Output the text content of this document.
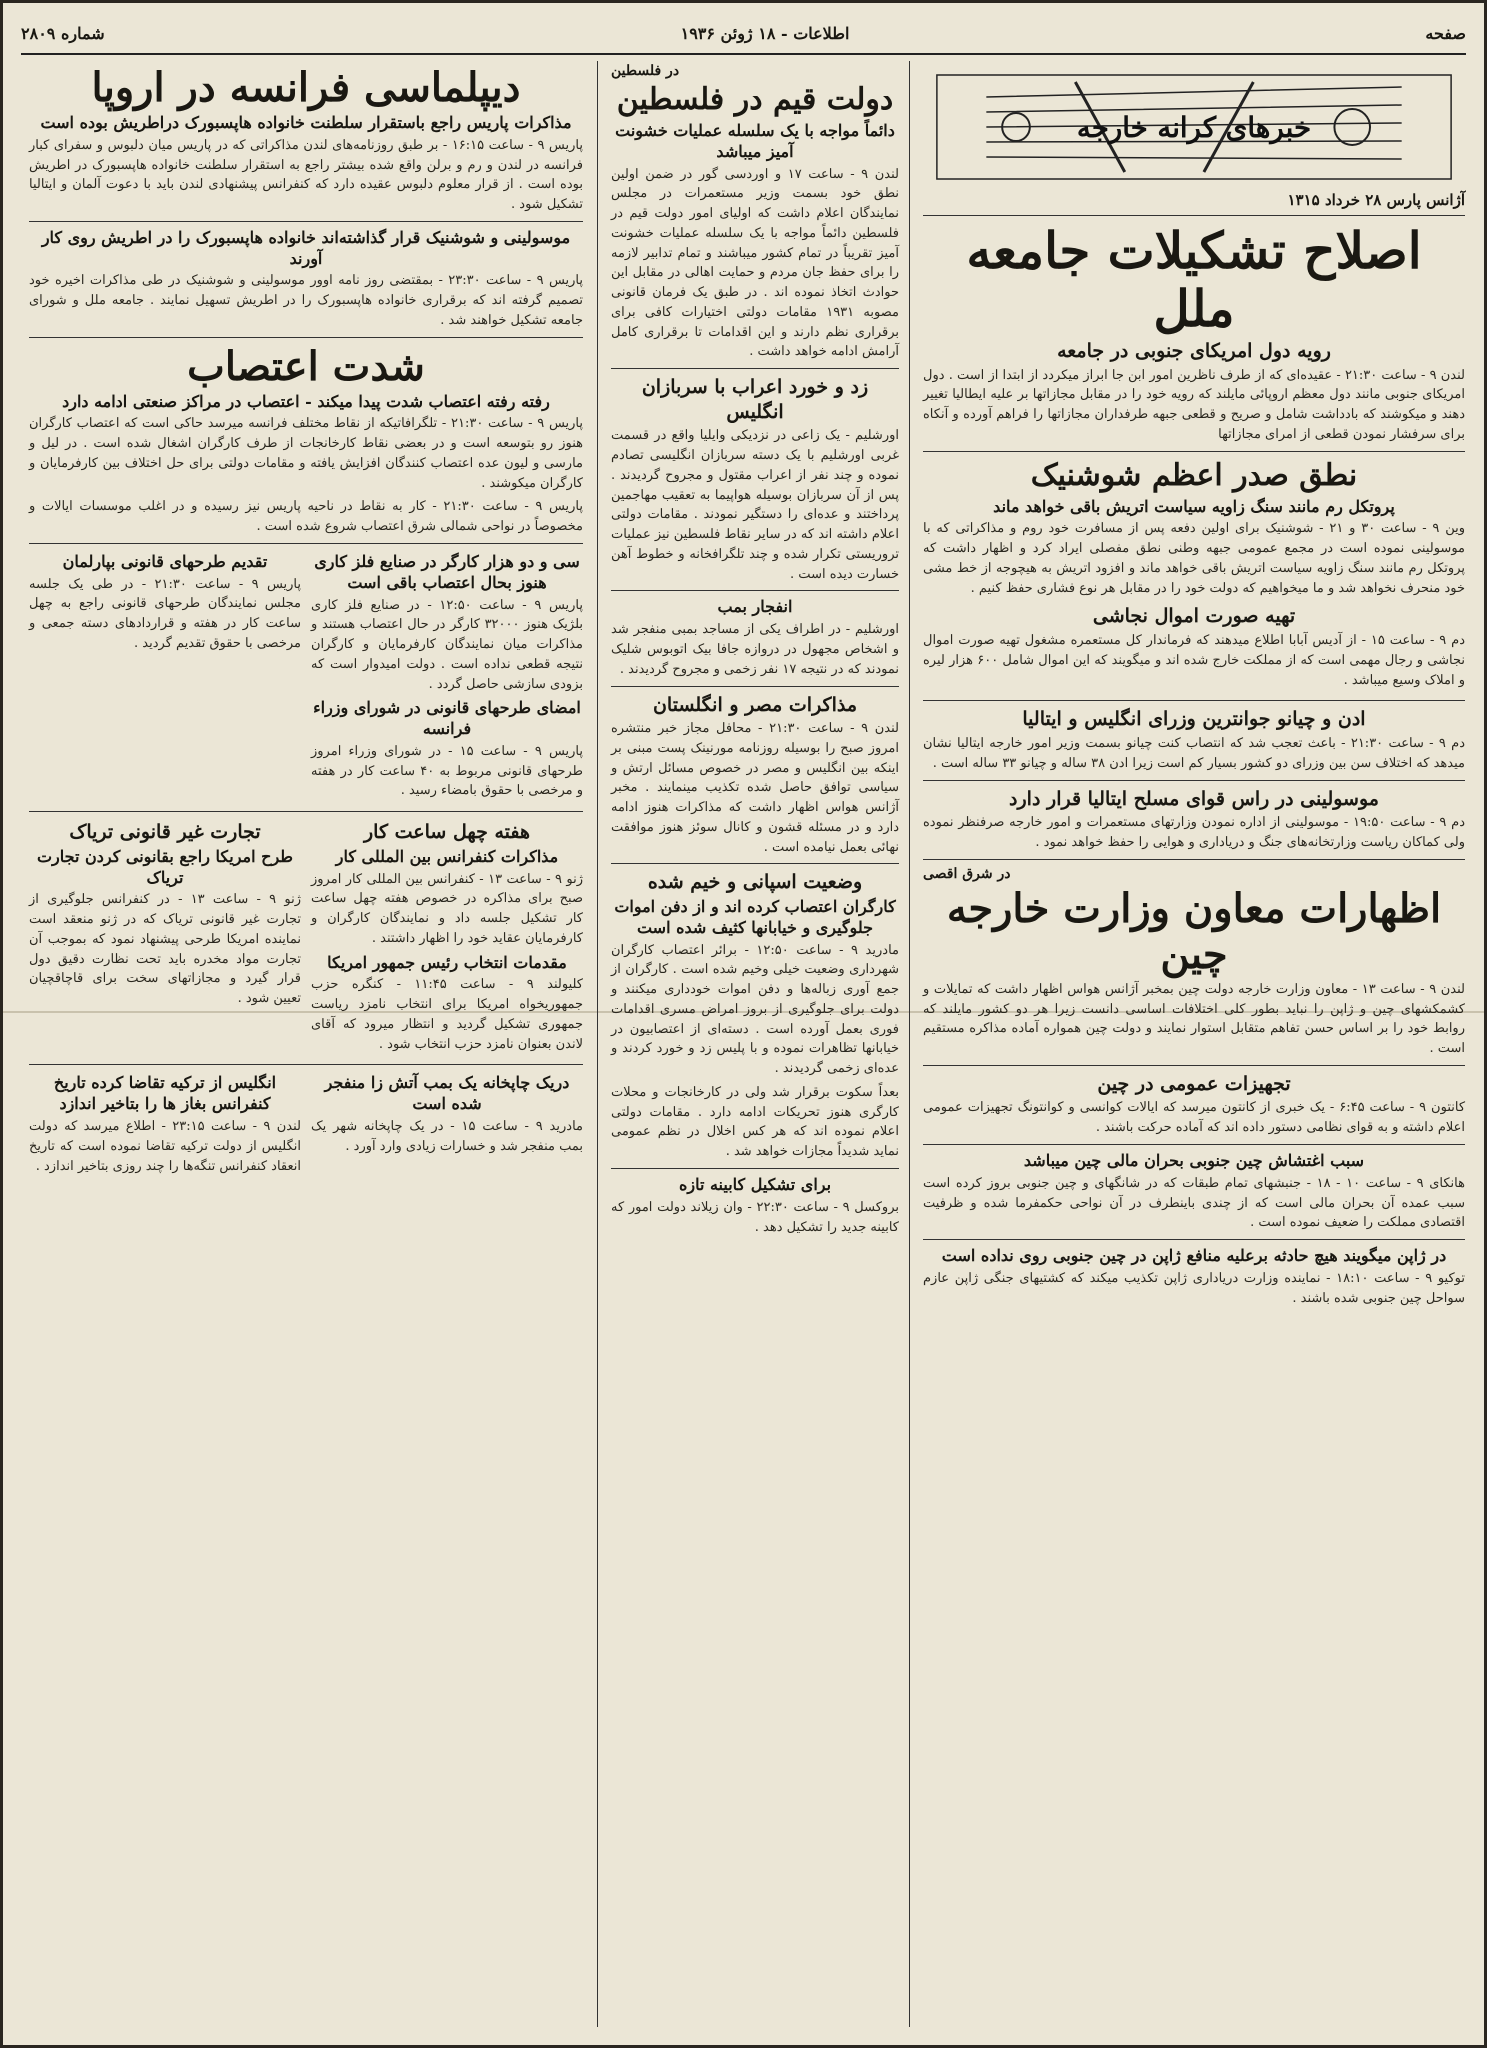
صفحه
اطلاعات - ۱۸ ژوئن ۱۹۳۶
شماره ۲۸۰۹
خبرهای کرانه خارجه
آژانس پارس ۲۸ خرداد ۱۳۱۵
اصلاح تشکیلات جامعه ملل
رویه دول امریکای جنوبی در جامعه

لندن ۹ - ساعت ۲۱:۳۰ - عقیده‌ای که از طرف ناظرین امور ابن جا ابراز میکردد از ابتدا از است . دول امریکای جنوبی مانند دول معظم اروپائی مایلند که رویه خود را در مقابل مجازاتها بر علیه ایطالیا تغییر دهند و میکوشند که بادداشت شامل و صریح و قطعی جبهه طرفداران مجازاتها را فراهم آورده و آنکاه برای سرفشار نمودن قطعی از امرای مجازاتها

نطق صدر اعظم شوشنیک
پروتکل رم مانند سنگ زاویه سیاست اتریش باقی خواهد ماند

وین ۹ - ساعت ۳۰ و ۲۱ - شوشنیک برای اولین دفعه پس از مسافرت خود روم و مذاکراتی که با موسولینی نموده است در مجمع عمومی جبهه وطنی نطق مفصلی ایراد کرد و اظهار داشت که پروتکل رم مانند سنگ زاویه سیاست اتریش باقی خواهد ماند و افزود اتریش به هیچوجه از خط مشی خود منحرف نخواهد شد و ما میخواهیم که دولت خود را در مقابل هر نوع فشاری حفظ کنیم .

تهیه صورت اموال نجاشی

دم ۹ - ساعت ۱۵ - از آدیس آبابا اطلاع میدهند که فرماندار کل مستعمره مشغول تهیه صورت اموال نجاشی و رجال مهمی است که از مملکت خارج شده اند و میگویند که این اموال شامل ۶۰۰ هزار لیره و املاک وسیع میباشد .

ادن و چیانو جوانترین وزرای انگلیس و ایتالیا

دم ۹ - ساعت ۲۱:۳۰ - باعث تعجب شد که انتصاب کنت چیانو بسمت وزیر امور خارجه ایتالیا نشان میدهد که اختلاف سن بین وزرای دو کشور بسیار کم است زیرا ادن ۳۸ ساله و چیانو ۳۳ ساله است .

موسولینی در راس قوای مسلح ایتالیا قرار دارد

دم ۹ - ساعت ۱۹:۵۰ - موسولینی از اداره نمودن وزارتهای مستعمرات و امور خارجه صرفنظر نموده ولی کماکان ریاست وزارتخانه‌های جنگ و دریاداری و هوایی را حفظ خواهد نمود .

در شرق اقصی
اظهارات معاون وزارت خارجه چین

لندن ۹ - ساعت ۱۳ - معاون وزارت خارجه دولت چین بمخبر آژانس هواس اظهار داشت که تمایلات و کشمکشهای چین و ژاپن را نباید بطور کلی اختلافات اساسی دانست زیرا هر دو کشور مایلند که روابط خود را بر اساس حسن تفاهم متقابل استوار نمایند و دولت چین همواره آماده مذاکره مستقیم است .

تجهیزات عمومی در چین

کانتون ۹ - ساعت ۶:۴۵ - یک خبری از کانتون میرسد که ایالات کوانسی و کوانتونگ تجهیزات عمومی اعلام داشته و به قوای نظامی دستور داده اند که آماده حرکت باشند .

سبب اغتشاش چین جنوبی بحران مالی چین میباشد

هانکای ۹ - ساعت ۱۰ - ۱۸ - جنبشهای تمام طبقات که در شانگهای و چین جنوبی بروز کرده است سبب عمده آن بحران مالی است که از چندی باینطرف در آن نواحی حکمفرما شده و ظرفیت اقتصادی مملکت را ضعیف نموده است .

در ژاپن میگویند هیچ حادثه برعلیه منافع ژاپن در چین جنوبی روی نداده است

توکیو ۹ - ساعت ۱۸:۱۰ - نماینده وزارت دریاداری ژاپن تکذیب میکند که کشتیهای جنگی ژاپن عازم سواحل چین جنوبی شده باشند .

در فلسطین
دولت قیم در فلسطین
دائماً مواجه با یک سلسله عملیات خشونت آمیز میباشد

لندن ۹ - ساعت ۱۷ و اوردسی گور در ضمن اولین نطق خود بسمت وزیر مستعمرات در مجلس نمایندگان اعلام داشت که اولیای امور دولت قیم در فلسطین دائماً مواجه با یک سلسله عملیات خشونت آمیز تقریباً در تمام کشور میباشند و تمام تدابیر لازمه را برای حفظ جان مردم و حمایت اهالی در مقابل این حوادث اتخاذ نموده اند . در طبق یک فرمان قانونی مصوبه ۱۹۳۱ مقامات دولتی اختیارات کافی برای برقراری نظم دارند و این اقدامات تا برقراری کامل آرامش ادامه خواهد داشت .

زد و خورد اعراب با سربازان انگلیس

اورشلیم - یک زاعی در نزدیکی وایلیا واقع در قسمت غربی اورشلیم با یک دسته سربازان انگلیسی تصادم نموده و چند نفر از اعراب مقتول و مجروح گردیدند . پس از آن سربازان بوسیله هواپیما به تعقیب مهاجمین پرداختند و عده‌ای را دستگیر نمودند . مقامات دولتی اعلام داشته اند که در سایر نقاط فلسطین نیز عملیات تروریستی تکرار شده و چند تلگرافخانه و خطوط آهن خسارت دیده است .

انفجار بمب

اورشلیم - در اطراف یکی از مساجد بمبی منفجر شد و اشخاص مجهول در دروازه جافا بیک اتوبوس شلیک نمودند که در نتیجه ۱۷ نفر زخمی و مجروح گردیدند .

مذاکرات مصر و انگلستان

لندن ۹ - ساعت ۲۱:۳۰ - محافل مجاز خبر منتشره امروز صبح را بوسیله روزنامه مورنینک پست مبنی بر اینکه بین انگلیس و مصر در خصوص مسائل ارتش و سیاسی توافق حاصل شده تکذیب مینمایند . مخبر آژانس هواس اظهار داشت که مذاکرات هنوز ادامه دارد و در مسئله قشون و کانال سوئز هنوز موافقت نهائی بعمل نیامده است .

وضعیت اسپانی و خیم شده
کارگران اعتصاب کرده اند و از دفن اموات جلوگیری و خیابانها کثیف شده است

مادرید ۹ - ساعت ۱۲:۵۰ - برائر اعتصاب کارگران شهرداری وضعیت خیلی وخیم شده است . کارگران از جمع آوری زباله‌ها و دفن اموات خودداری میکنند و دولت برای جلوگیری از بروز امراض مسری اقدامات فوری بعمل آورده است . دسته‌ای از اعتصابیون در خیابانها تظاهرات نموده و با پلیس زد و خورد کردند و عده‌ای زخمی گردیدند .

بعداً سکوت برقرار شد ولی در کارخانجات و محلات کارگری هنوز تحریکات ادامه دارد . مقامات دولتی اعلام نموده اند که هر کس اخلال در نظم عمومی نماید شدیداً مجازات خواهد شد .

برای تشکیل کابینه تازه

بروکسل ۹ - ساعت ۲۲:۳۰ - وان زیلاند دولت امور که کابینه جدید را تشکیل دهد .

دیپلماسی فرانسه در اروپا
مذاکرات پاریس راجع باستقرار سلطنت خانواده هاپسبورک دراطریش بوده است

پاریس ۹ - ساعت ۱۶:۱۵ - بر طبق روزنامه‌های لندن مذاکراتی که در پاریس میان دلبوس و سفرای کبار فرانسه در لندن و رم و برلن واقع شده بیشتر راجع به استقرار سلطنت خانواده هاپسبورک در اطریش بوده است . از قرار معلوم دلبوس عقیده دارد که کنفرانس پیشنهادی لندن باید با دعوت آلمان و ایتالیا تشکیل شود .

موسولینی و شوشنیک قرار گذاشته‌اند خانواده هاپسبورک را در اطریش روی کار آورند

پاریس ۹ - ساعت ۲۳:۳۰ - بمقتضی روز نامه اوور موسولینی و شوشنیک در طی مذاکرات اخیره خود تصمیم گرفته اند که برقراری خانواده هاپسبورک را در اطریش تسهیل نمایند . جامعه ملل و شورای جامعه تشکیل خواهند شد .

شدت اعتصاب
رفته رفته اعتصاب شدت پیدا میکند - اعتصاب در مراکز صنعتی ادامه دارد

پاریس ۹ - ساعت ۲۱:۳۰ - تلگرافاتیکه از نقاط مختلف فرانسه میرسد حاکی است که اعتصاب کارگران هنوز رو بتوسعه است و در بعضی نقاط کارخانجات از طرف کارگران اشغال شده است . در لیل و مارسی و لیون عده اعتصاب کنندگان افزایش یافته و مقامات دولتی برای حل اختلاف بین کارفرمایان و کارگران میکوشند .

پاریس ۹ - ساعت ۲۱:۳۰ - کار به نقاط در ناحیه پاریس نیز رسیده و در اغلب موسسات ایالات و مخصوصاً در نواحی شمالی شرق اعتصاب شروع شده است .

سی و دو هزار کارگر در صنایع فلز کاری هنوز بحال اعتصاب باقی است

پاریس ۹ - ساعت ۱۲:۵۰ - در صنایع فلز کاری بلژیک هنوز ۳۲۰۰۰ کارگر در حال اعتصاب هستند و مذاکرات میان نمایندگان کارفرمایان و کارگران نتیجه قطعی نداده است . دولت امیدوار است که بزودی سازشی حاصل گردد .

امضای طرحهای قانونی در شورای وزراء فرانسه

پاریس ۹ - ساعت ۱۵ - در شورای وزراء امروز طرحهای قانونی مربوط به ۴۰ ساعت کار در هفته و مرخصی با حقوق بامضاء رسید .

تقدیم طرحهای قانونی بپارلمان

پاریس ۹ - ساعت ۲۱:۳۰ - در طی یک جلسه مجلس نمایندگان طرحهای قانونی راجع به چهل ساعت کار در هفته و قراردادهای دسته جمعی و مرخصی با حقوق تقدیم گردید .

هفته چهل ساعت کار
مذاکرات کنفرانس بین المللی کار

ژنو ۹ - ساعت ۱۳ - کنفرانس بین المللی کار امروز صبح برای مذاکره در خصوص هفته چهل ساعت کار تشکیل جلسه داد و نمایندگان کارگران و کارفرمایان عقاید خود را اظهار داشتند .

مقدمات انتخاب رئیس جمهور امریکا

کلیولند ۹ - ساعت ۱۱:۴۵ - کنگره حزب جمهوریخواه امریکا برای انتخاب نامزد ریاست جمهوری تشکیل گردید و انتظار میرود که آقای لاندن بعنوان نامزد حزب انتخاب شود .

تجارت غیر قانونی تریاک
طرح امریکا راجع بقانونی کردن تجارت تریاک

ژنو ۹ - ساعت ۱۳ - در کنفرانس جلوگیری از تجارت غیر قانونی تریاک که در ژنو منعقد است نماینده امریکا طرحی پیشنهاد نمود که بموجب آن تجارت مواد مخدره باید تحت نظارت دقیق دول قرار گیرد و مجازاتهای سخت برای قاچاقچیان تعیین شود .

دریک چاپخانه یک بمب آتش زا منفجر شده است

مادرید ۹ - ساعت ۱۵ - در یک چاپخانه شهر یک بمب منفجر شد و خسارات زیادی وارد آورد .

انگلیس از ترکیه تقاضا کرده تاریخ کنفرانس بغاز ها را بتاخیر اندازد

لندن ۹ - ساعت ۲۳:۱۵ - اطلاع میرسد که دولت انگلیس از دولت ترکیه تقاضا نموده است که تاریخ انعقاد کنفرانس تنگه‌ها را چند روزی بتاخیر اندازد .
